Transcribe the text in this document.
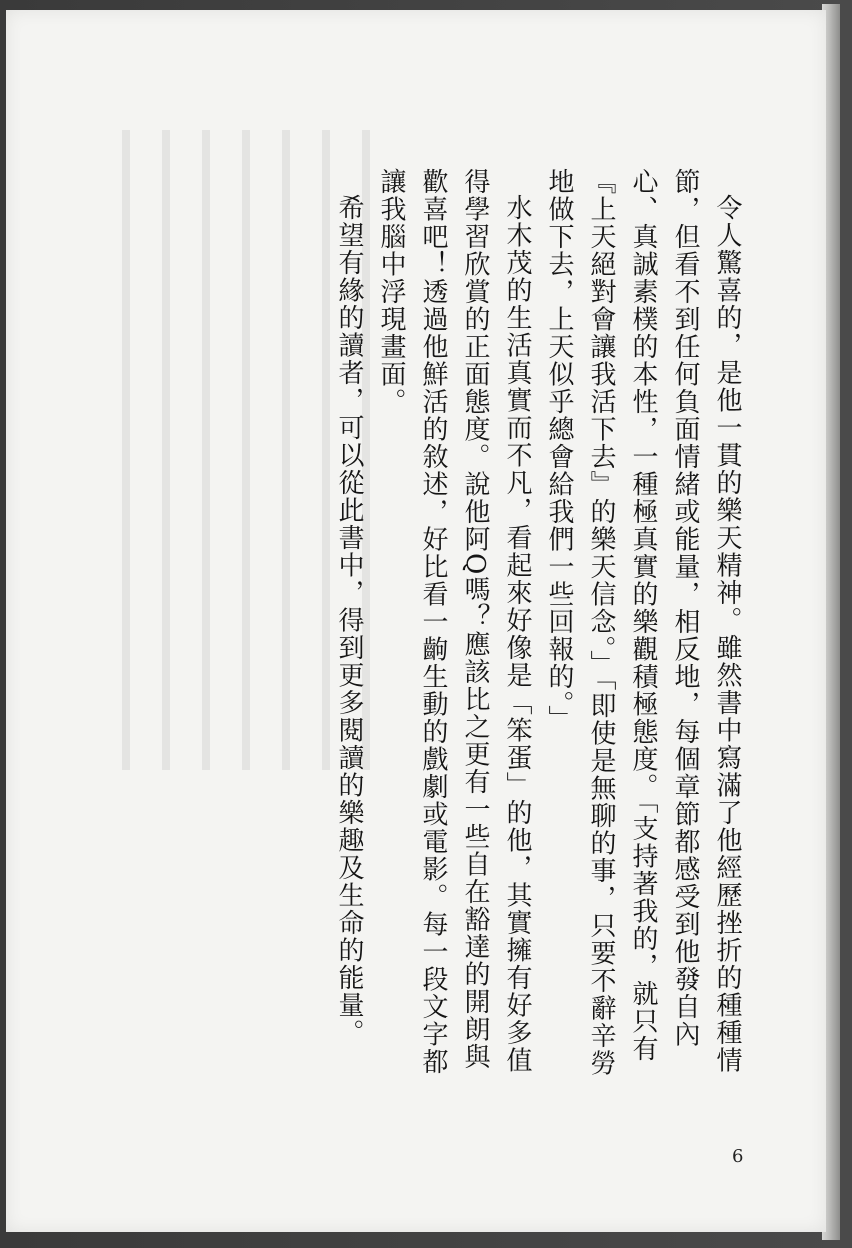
令人驚喜的，是他一貫的樂天精神。雖然書中寫滿了他經歷挫折的種種情節，但看不到任何負面情緒或能量，相反地，每個章節都感受到他發自內心、真誠素樸的本性，一種極真實的樂觀積極態度。「支持著我的，就只有『上天絕對會讓我活下去』的樂天信念。」「即使是無聊的事，只要不辭辛勞地做下去，上天似乎總會給我們一些回報的。」

水木茂的生活真實而不凡，看起來好像是「笨蛋」的他，其實擁有好多值得學習欣賞的正面態度。說他阿Q嗎？應該比之更有一些自在豁達的開朗與歡喜吧！透過他鮮活的敘述，好比看一齣生動的戲劇或電影。每一段文字都讓我腦中浮現畫面。

希望有緣的讀者，可以從此書中，得到更多閱讀的樂趣及生命的能量。

6
